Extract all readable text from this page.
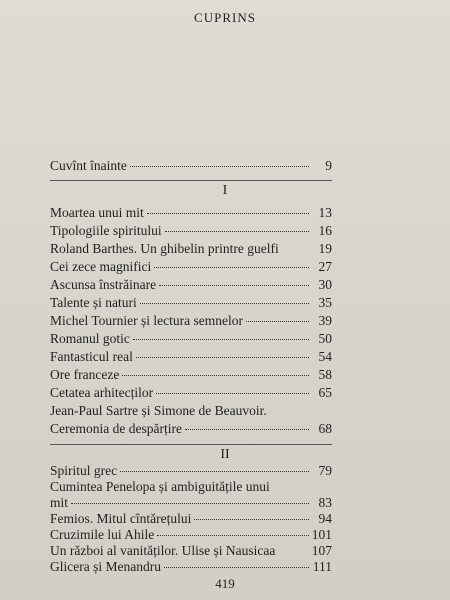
CUPRINS
Cuvînt înainte	9
I
Moartea unui mit	13
Tipologiile spiritului	16
Roland Barthes. Un ghibelin printre guelfi	19
Cei zece magnifici	27
Ascunsa înstrăinare	30
Talente și naturi	35
Michel Tournier și lectura semnelor	39
Romanul gotic	50
Fantasticul real	54
Ore franceze	58
Cetatea arhitecților	65
Jean-Paul Sartre și Simone de Beauvoir.
Ceremonia de despărțire	68
II
Spiritul grec	79
Cumintea Penelopa și ambiguitățile unui
mit	83
Femios. Mitul cîntărețului	94
Cruzimile lui Ahile	101
419
Un război al vanităților. Ulise și Nausicaa	107
Glicera și Menandru	111
